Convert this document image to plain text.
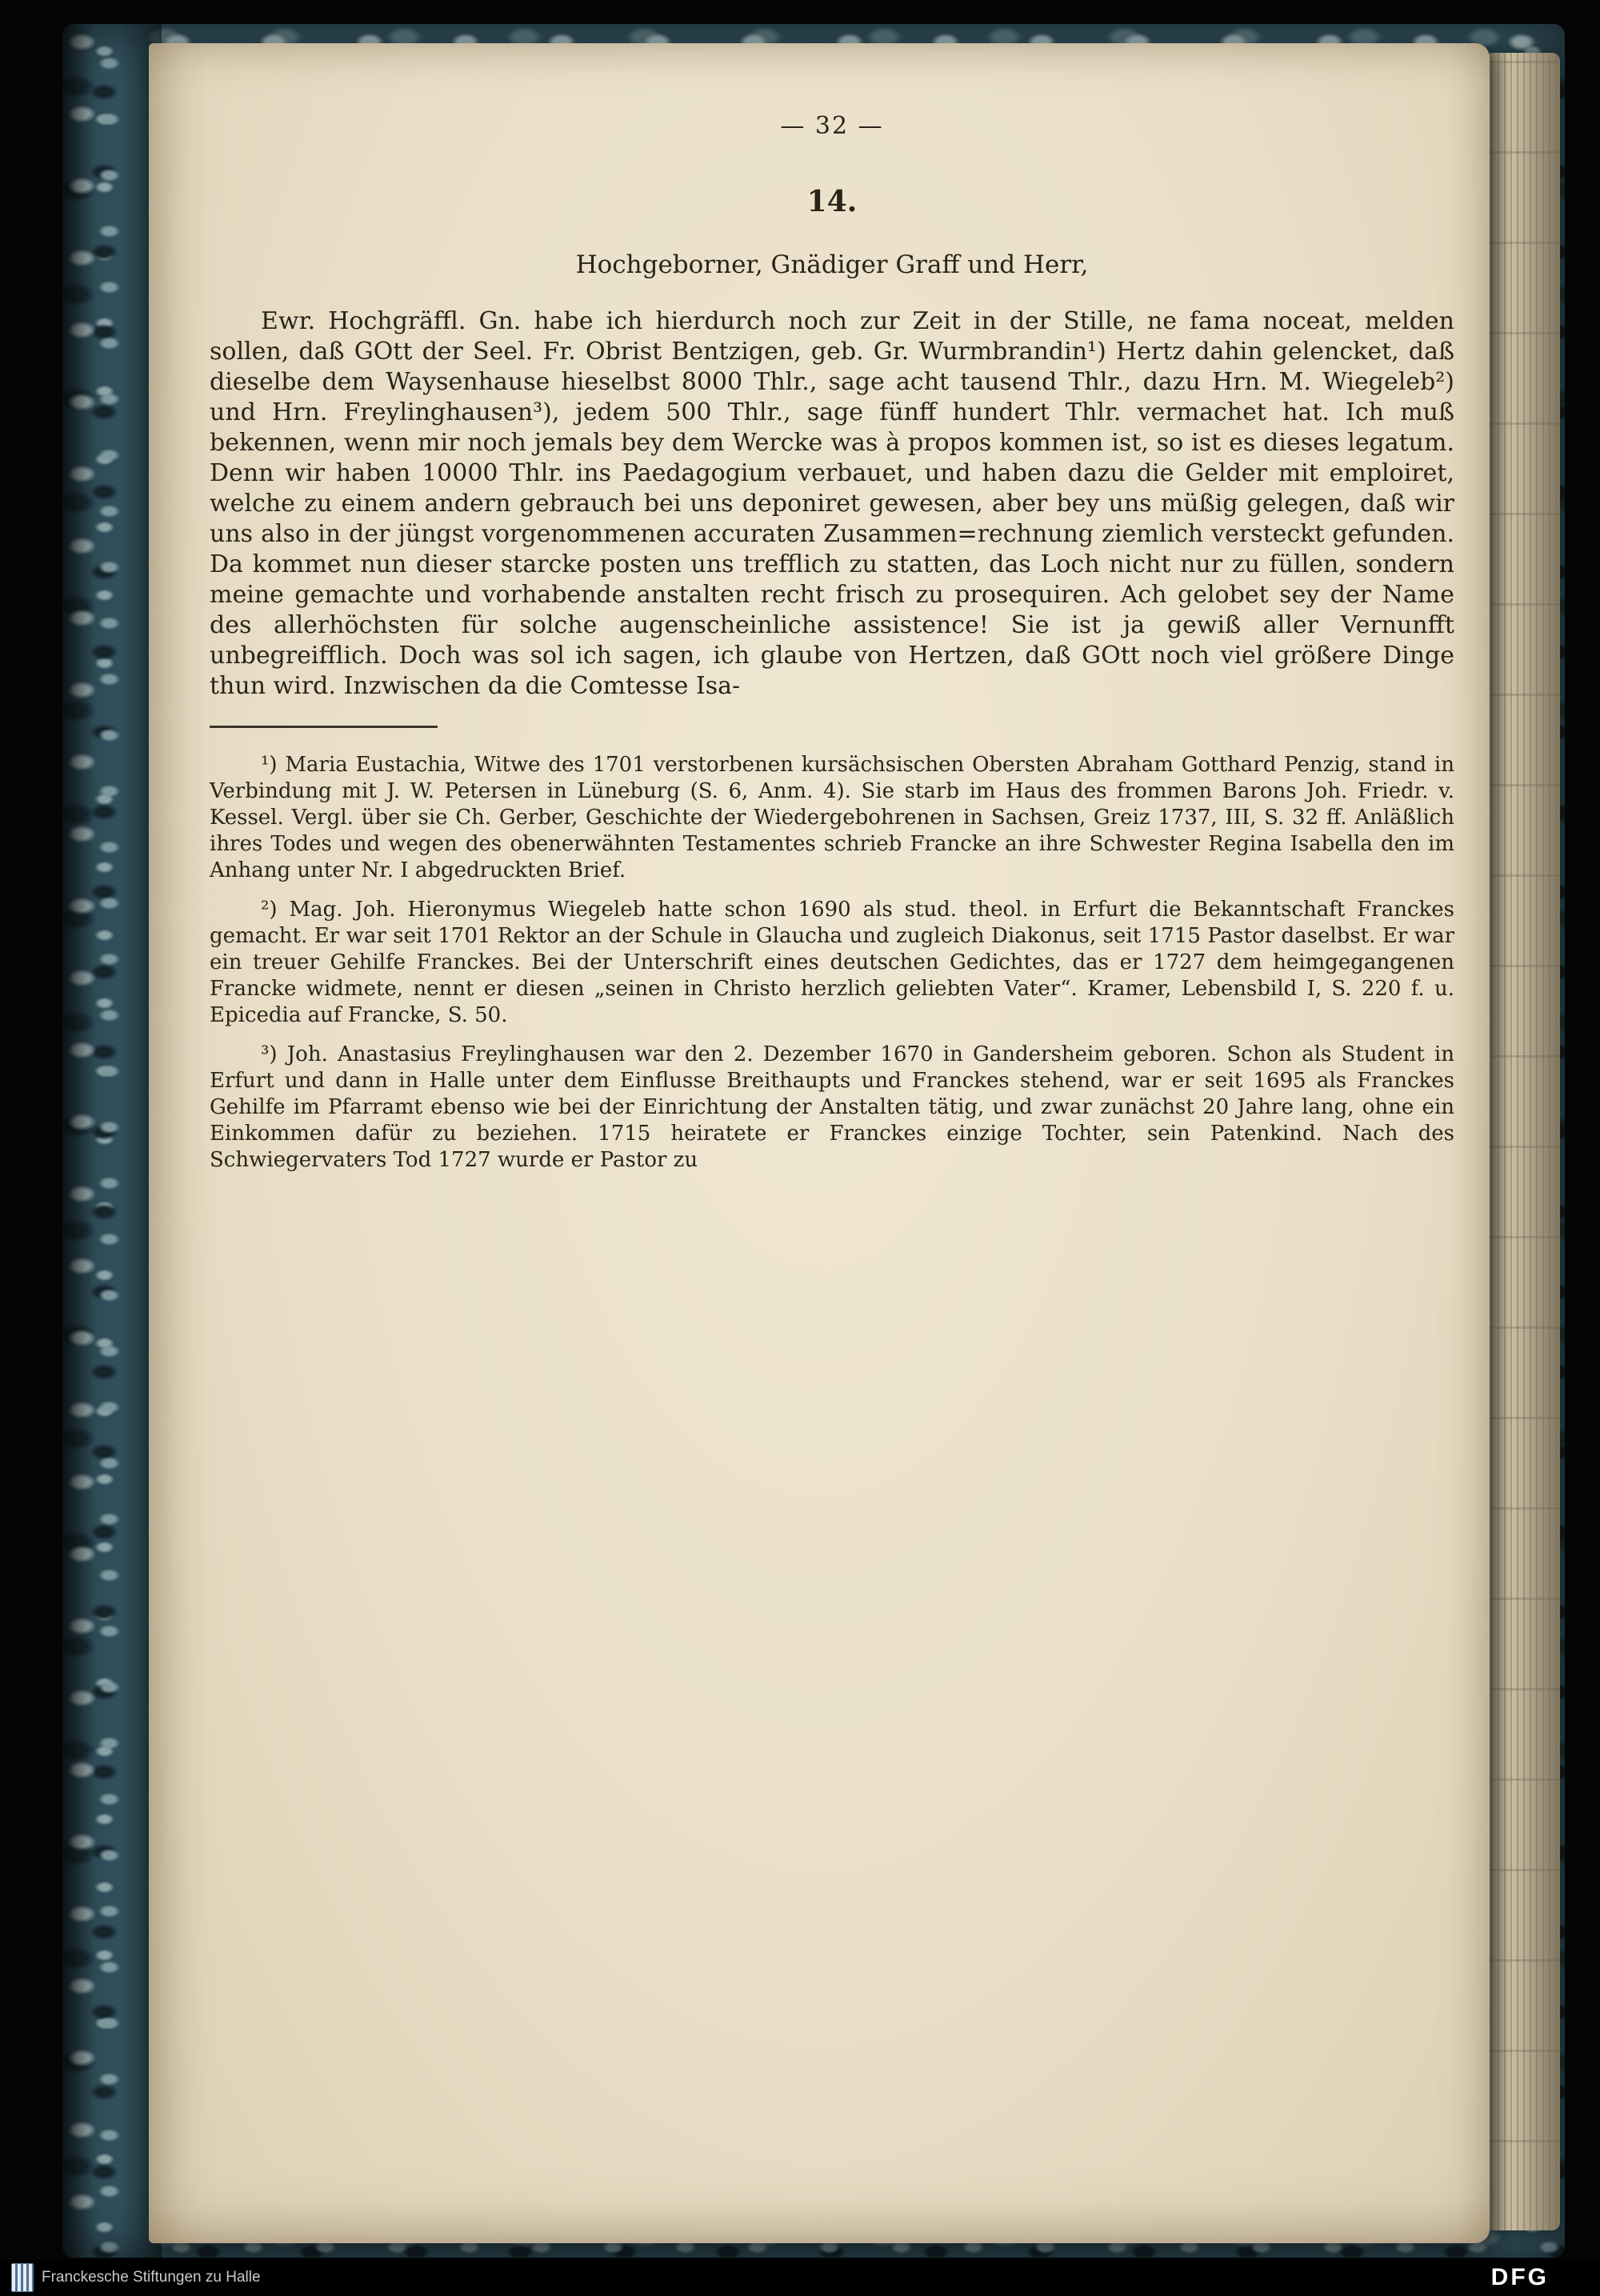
— 32 —
14.
Hochgeborner, Gnädiger Graff und Herr,

Ewr. Hochgräffl. Gn. habe ich hierdurch noch zur Zeit in der Stille, ne fama noceat, melden sollen, daß GOtt der Seel. Fr. Obrist Bentzigen, geb. Gr. Wurmbrandin¹) Hertz dahin gelencket, daß dieselbe dem Waysenhause hieselbst 8000 Thlr., sage acht tausend Thlr., dazu Hrn. M. Wiegeleb²) und Hrn. Freylinghausen³), jedem 500 Thlr., sage fünff hundert Thlr. vermachet hat. Ich muß bekennen, wenn mir noch jemals bey dem Wercke was à propos kommen ist, so ist es dieses legatum. Denn wir haben 10000 Thlr. ins Paedagogium verbauet, und haben dazu die Gelder mit emploiret, welche zu einem andern gebrauch bei uns deponiret gewesen, aber bey uns müßig gelegen, daß wir uns also in der jüngst vorgenommenen accuraten Zusammen=rechnung ziemlich versteckt gefunden. Da kommet nun dieser starcke posten uns trefflich zu statten, das Loch nicht nur zu füllen, sondern meine gemachte und vorhabende anstalten recht frisch zu prosequiren. Ach gelobet sey der Name des allerhöchsten für solche augenscheinliche assistence! Sie ist ja gewiß aller Vernunfft unbegreifflich. Doch was sol ich sagen, ich glaube von Hertzen, daß GOtt noch viel größere Dinge thun wird. Inzwischen da die Comtesse Isa-

¹) Maria Eustachia, Witwe des 1701 verstorbenen kursächsischen Obersten Abraham Gotthard Penzig, stand in Verbindung mit J. W. Petersen in Lüneburg (S. 6, Anm. 4). Sie starb im Haus des frommen Barons Joh. Friedr. v. Kessel. Vergl. über sie Ch. Gerber, Geschichte der Wiedergebohrenen in Sachsen, Greiz 1737, III, S. 32 ff. Anläßlich ihres Todes und wegen des obenerwähnten Testamentes schrieb Francke an ihre Schwester Regina Isabella den im Anhang unter Nr. I abgedruckten Brief.

²) Mag. Joh. Hieronymus Wiegeleb hatte schon 1690 als stud. theol. in Erfurt die Bekanntschaft Franckes gemacht. Er war seit 1701 Rektor an der Schule in Glaucha und zugleich Diakonus, seit 1715 Pastor daselbst. Er war ein treuer Gehilfe Franckes. Bei der Unterschrift eines deutschen Gedichtes, das er 1727 dem heimgegangenen Francke widmete, nennt er diesen „seinen in Christo herzlich geliebten Vater“. Kramer, Lebensbild I, S. 220 f. u. Epicedia auf Francke, S. 50.

³) Joh. Anastasius Freylinghausen war den 2. Dezember 1670 in Gandersheim geboren. Schon als Student in Erfurt und dann in Halle unter dem Einflusse Breithaupts und Franckes stehend, war er seit 1695 als Franckes Gehilfe im Pfarramt ebenso wie bei der Einrichtung der Anstalten tätig, und zwar zunächst 20 Jahre lang, ohne ein Einkommen dafür zu beziehen. 1715 heiratete er Franckes einzige Tochter, sein Patenkind. Nach des Schwiegervaters Tod 1727 wurde er Pastor zu

Franckesche Stiftungen zu Halle	DFG
